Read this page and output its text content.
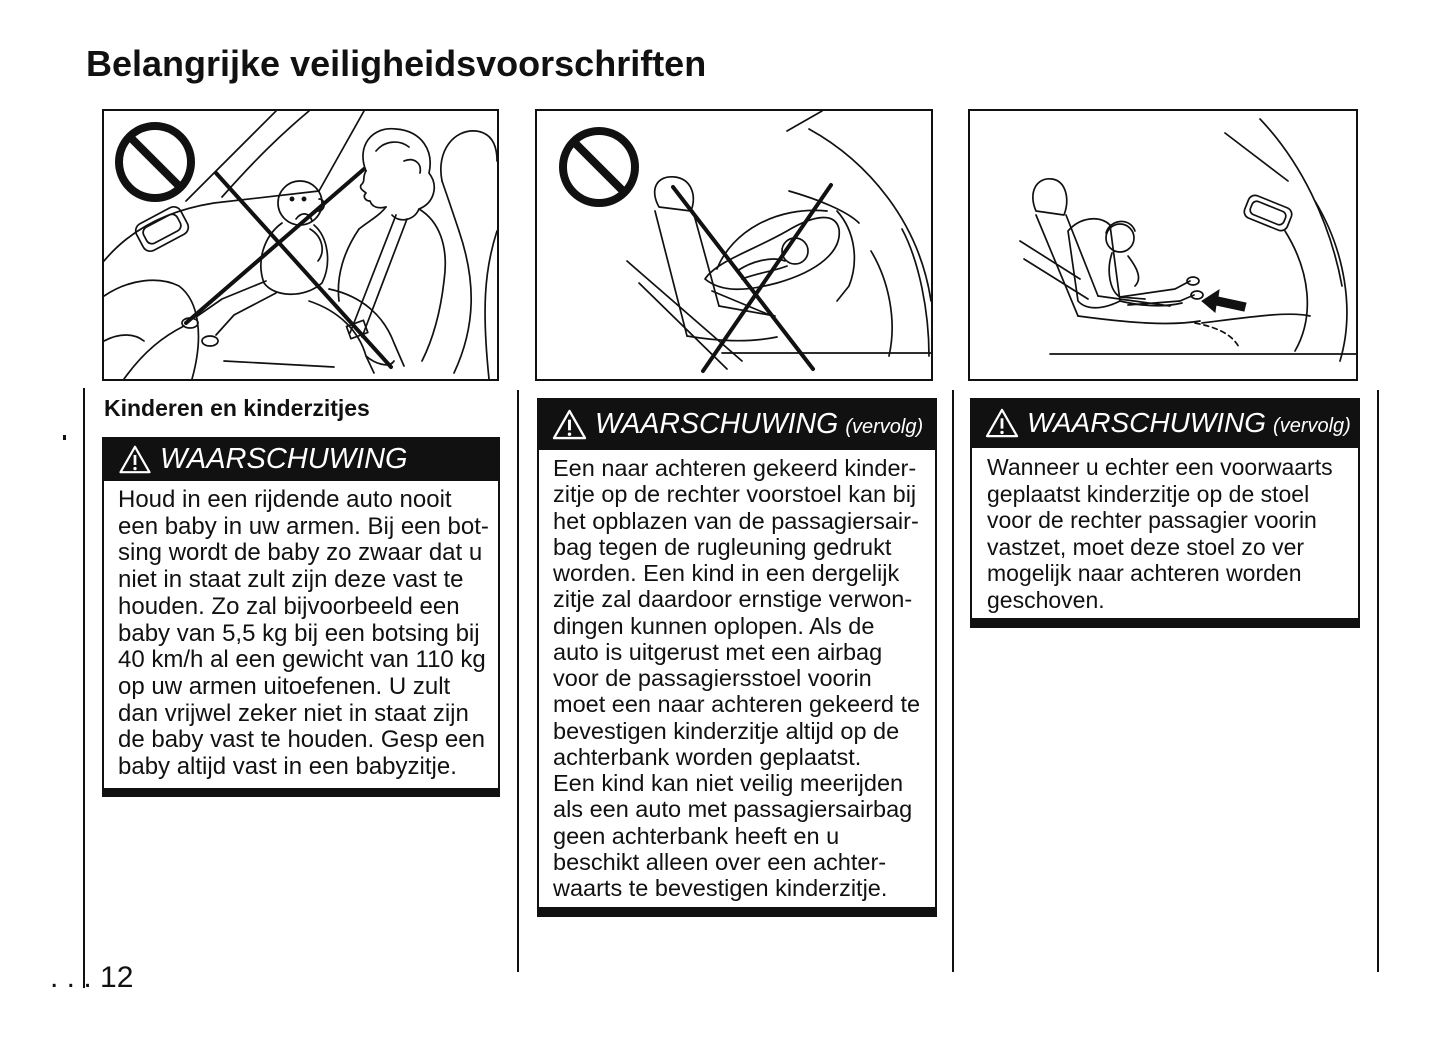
Belangrijke veiligheidsvoorschriften
Kinderen en kinderzitjes
WAARSCHUWING
Houd in een rijdende auto nooit
een baby in uw armen. Bij een bot-
sing wordt de baby zo zwaar dat u
niet in staat zult zijn deze vast te
houden. Zo zal bijvoorbeeld een
baby van 5,5 kg bij een botsing bij
40 km/h al een gewicht van 110 kg
op uw armen uitoefenen. U zult
dan vrijwel zeker niet in staat zijn
de baby vast te houden. Gesp een
baby altijd vast in een babyzitje.
WAARSCHUWING (vervolg)
Een naar achteren gekeerd kinder-
zitje op de rechter voorstoel kan bij
het opblazen van de passagiersair-
bag tegen de rugleuning gedrukt
worden. Een kind in een dergelijk
zitje zal daardoor ernstige verwon-
dingen kunnen oplopen. Als de
auto is uitgerust met een airbag
voor de passagiersstoel voorin
moet een naar achteren gekeerd te
bevestigen kinderzitje altijd op de
achterbank worden geplaatst.
Een kind kan niet veilig meerijden
als een auto met passagiersairbag
geen achterbank heeft en u
beschikt alleen over een achter-
waarts te bevestigen kinderzitje.
WAARSCHUWING (vervolg)
Wanneer u echter een voorwaarts
geplaatst kinderzitje op de stoel
voor de rechter passagier voorin
vastzet, moet deze stoel zo ver
mogelijk naar achteren worden
geschoven.
. . . 12
